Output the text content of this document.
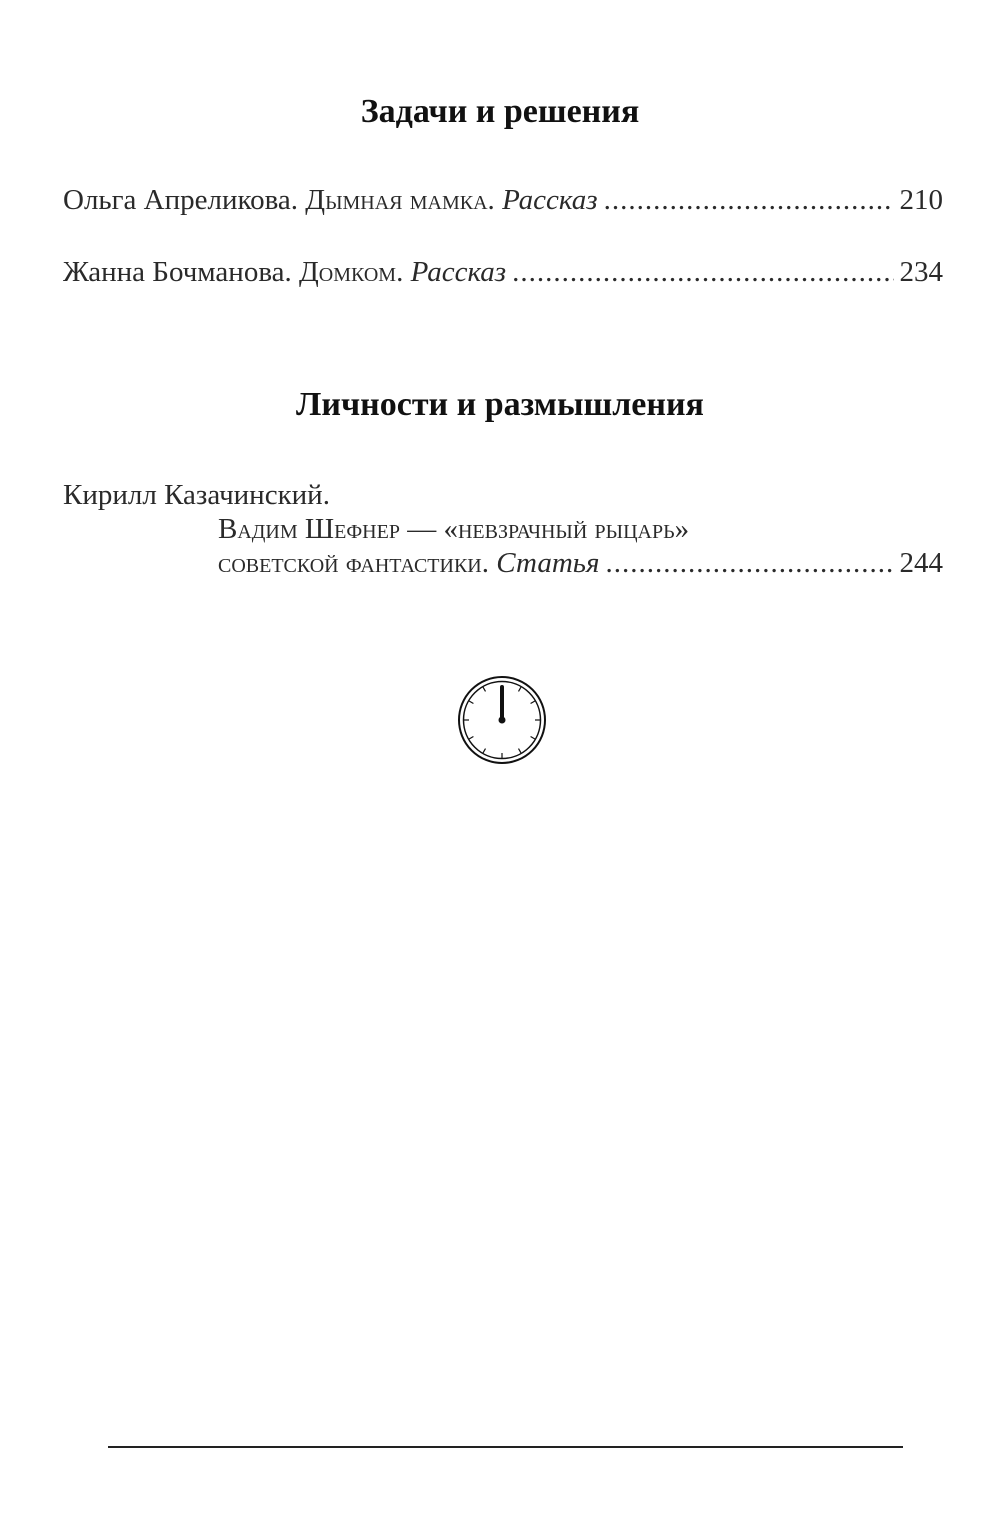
Задачи и решения
Ольга Апреликова.
Дымная мамка.
Рассказ .....	210
Жанна Бочманова.
Домком.
Рассказ .....	234
Личности и размышления
Кирилл Казачинский.
Вадим Шефнер — «невзрачный рыцарь»
советской фантастики.
Статья .....	244
